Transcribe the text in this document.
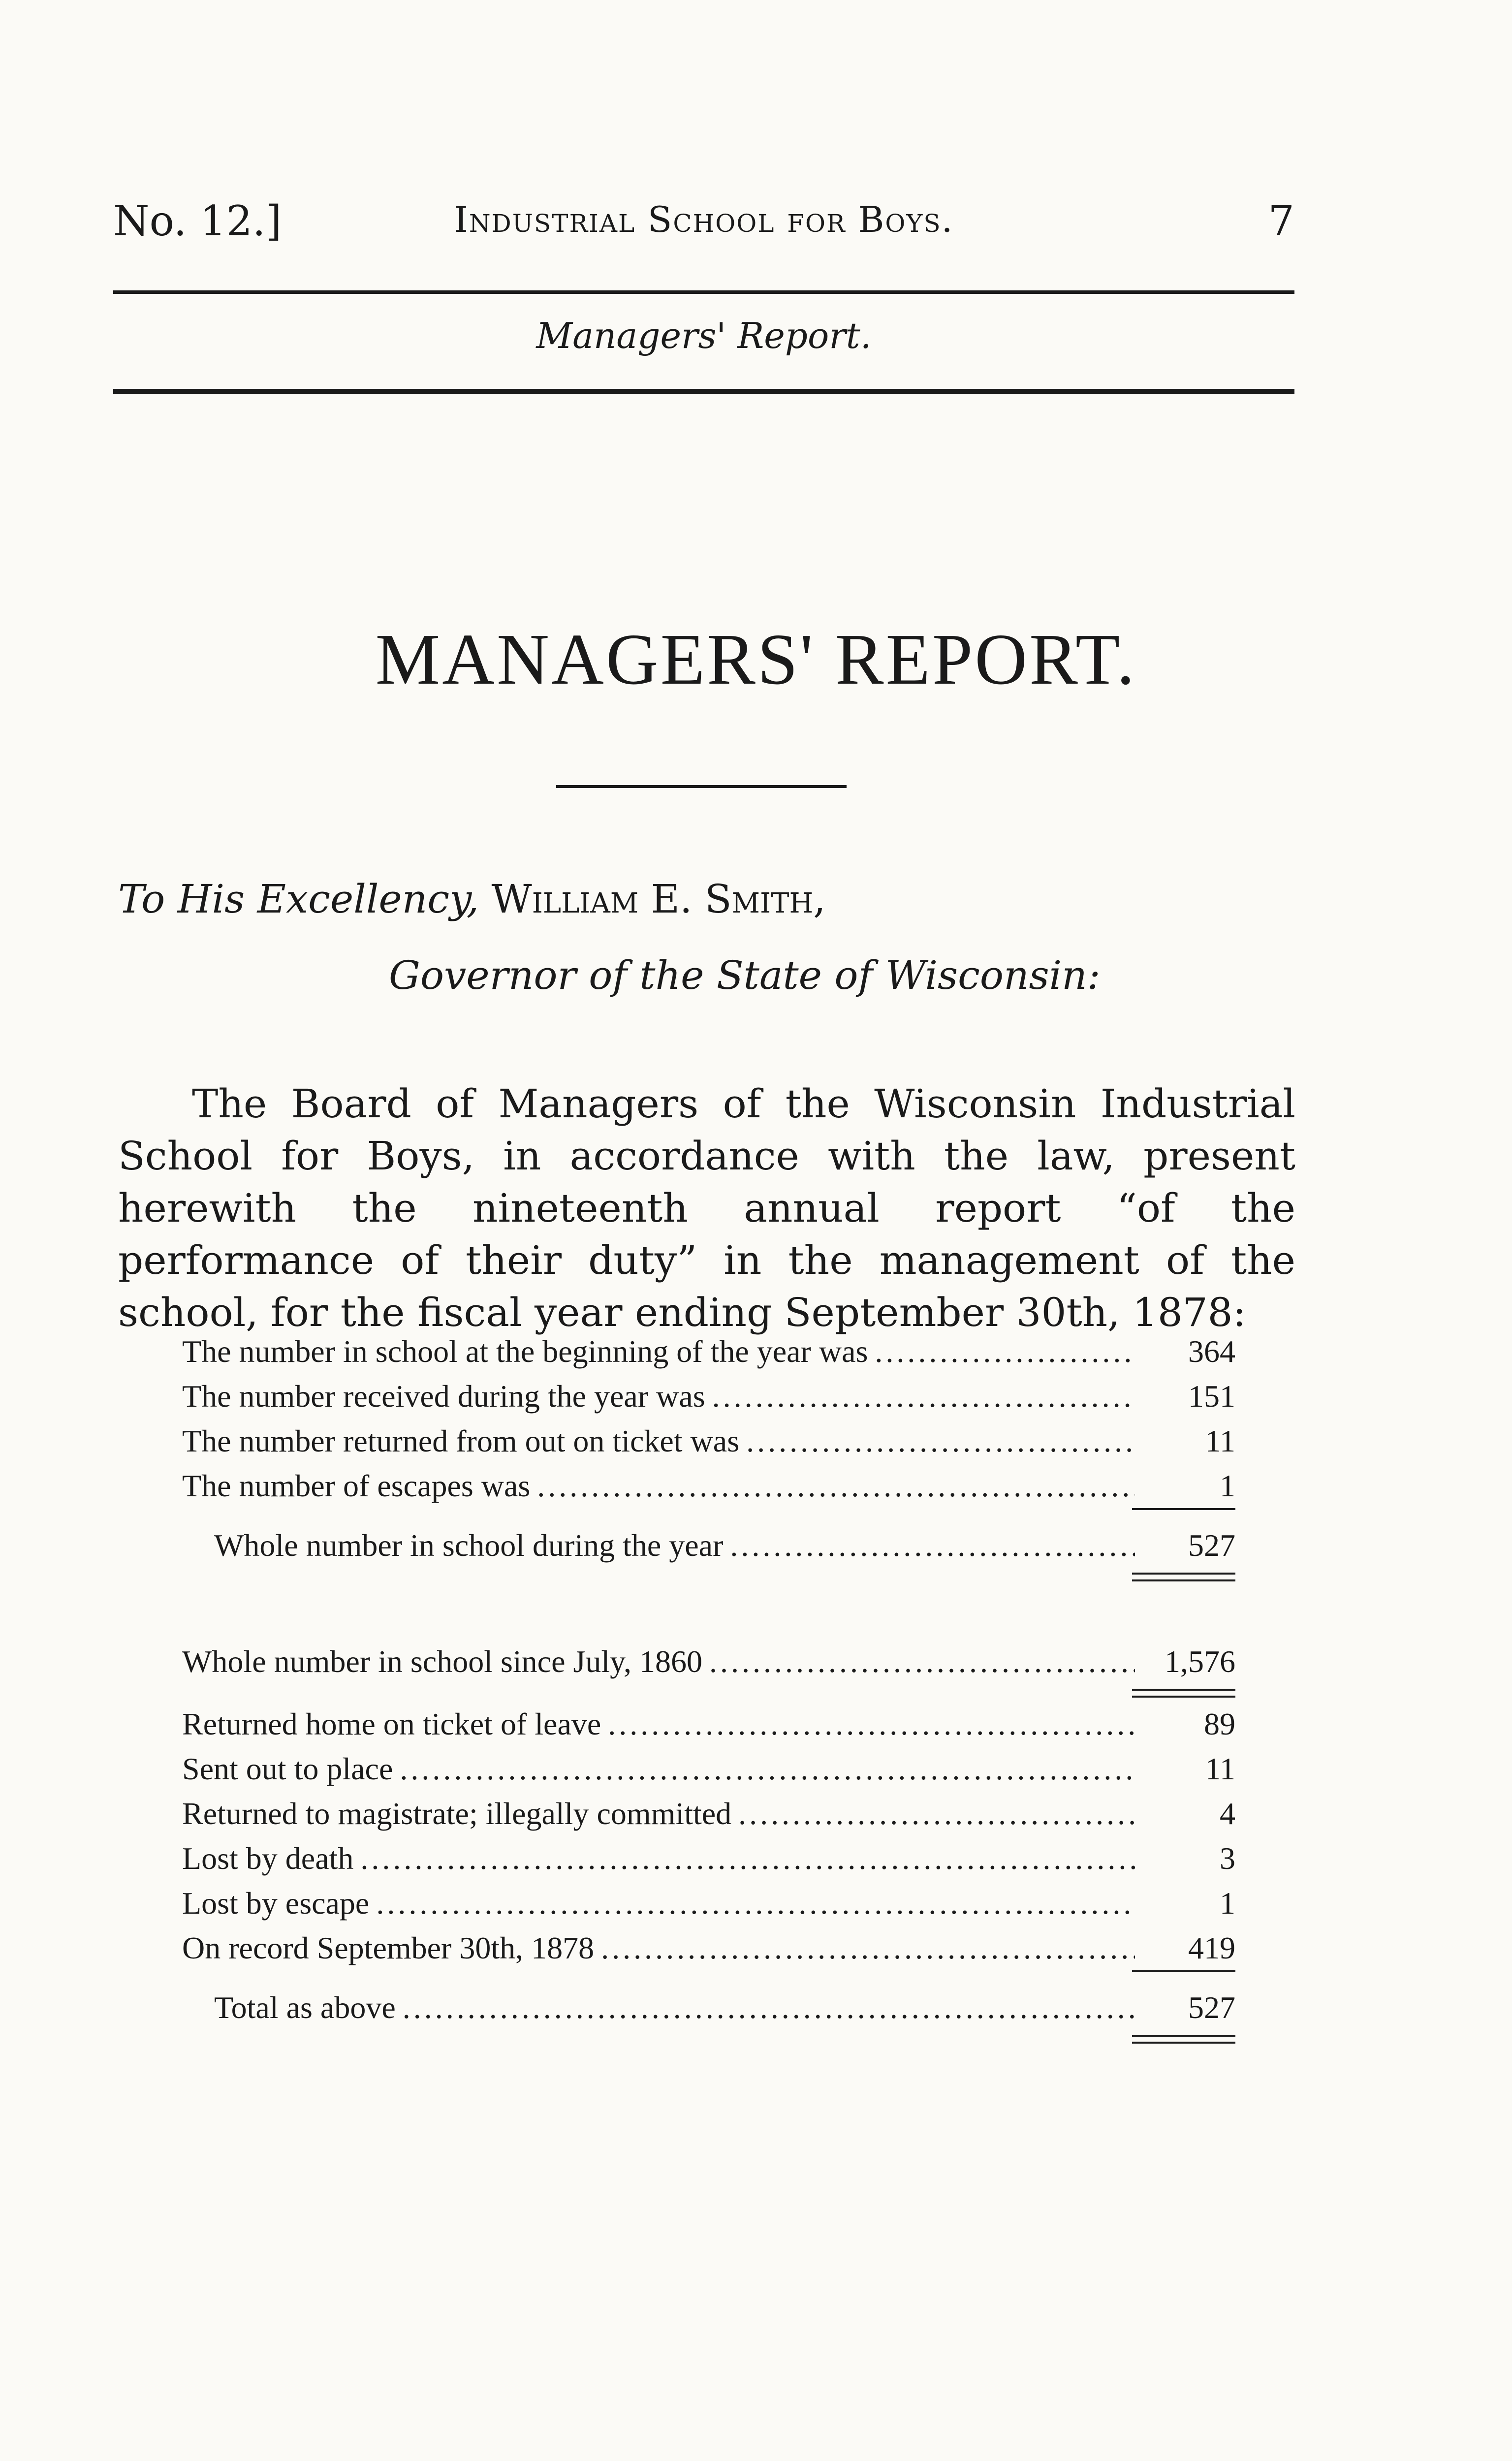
No. 12.]	Industrial School for Boys.	7
Managers' Report.
MANAGERS' REPORT.
To His Excellency, William E. Smith,
Governor of the State of Wisconsin:
The Board of Managers of the Wisconsin Industrial School for Boys, in accordance with the law, present herewith the nineteenth annual report “of the performance of their duty” in the management of the school, for the fiscal year ending September 30th, 1878:
The number in school at the beginning of the year was .....	364
The number received during the year was .....	151
The number returned from out on ticket was .....	11
The number of escapes was .....	1
Whole number in school during the year .....	527
Whole number in school since July, 1860 .....	1,576
Returned home on ticket of leave .....	89
Sent out to place .....	11
Returned to magistrate; illegally committed .....	4
Lost by death .....	3
Lost by escape .....	1
On record September 30th, 1878 .....	419
Total as above .....	527
